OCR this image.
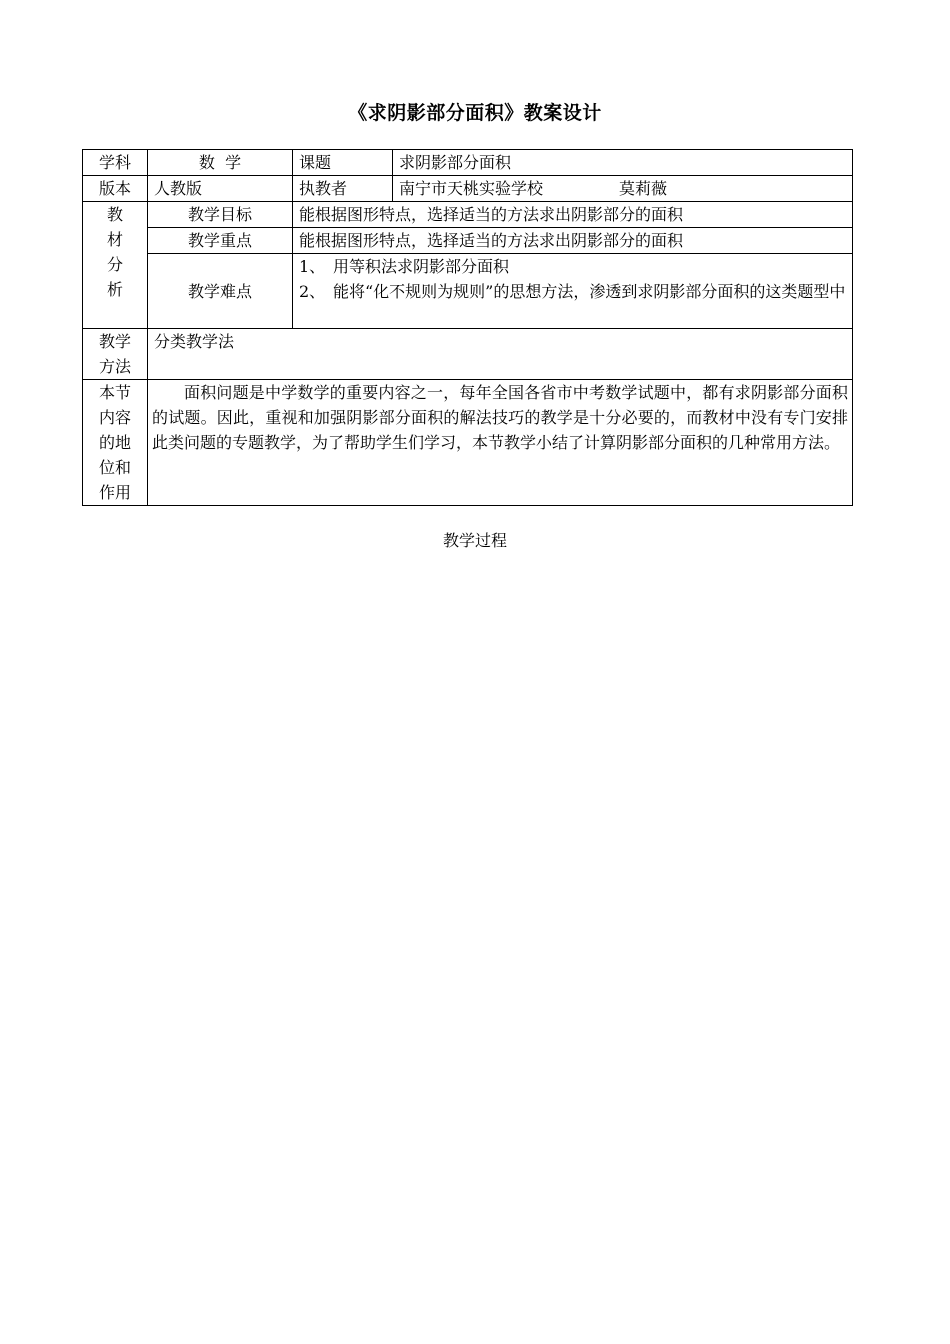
《求阴影部分面积》教案设计
学科	数  学	课题	求阴影部分面积
版本	人教版	执教者	南宁市天桃实验学校 莫莉薇

教
材
分
析	教学目标	能根据图形特点，选择适当的方法求出阴影部分的面积	
	教学重点	能根据图形特点，选择适当的方法求出阴影部分的面积	
	教学难点	1、 用等积法求阴影部分面积
2、 能将“化不规则为规则”的思想方法，渗透到求阴影部分面积的这类题型中	

教学
方法	分类教学法		

本节
内容
的地
位和
作用	面积问题是中学数学的重要内容之一，每年全国各省市中考数学试题中，都有求阴影部分面积的试题。因此，重视和加强阴影部分面积的解法技巧的教学是十分必要的，而教材中没有专门安排此类问题的专题教学，为了帮助学生们学习，本节教学小结了计算阴影部分面积的几种常用方法。		
教学过程
